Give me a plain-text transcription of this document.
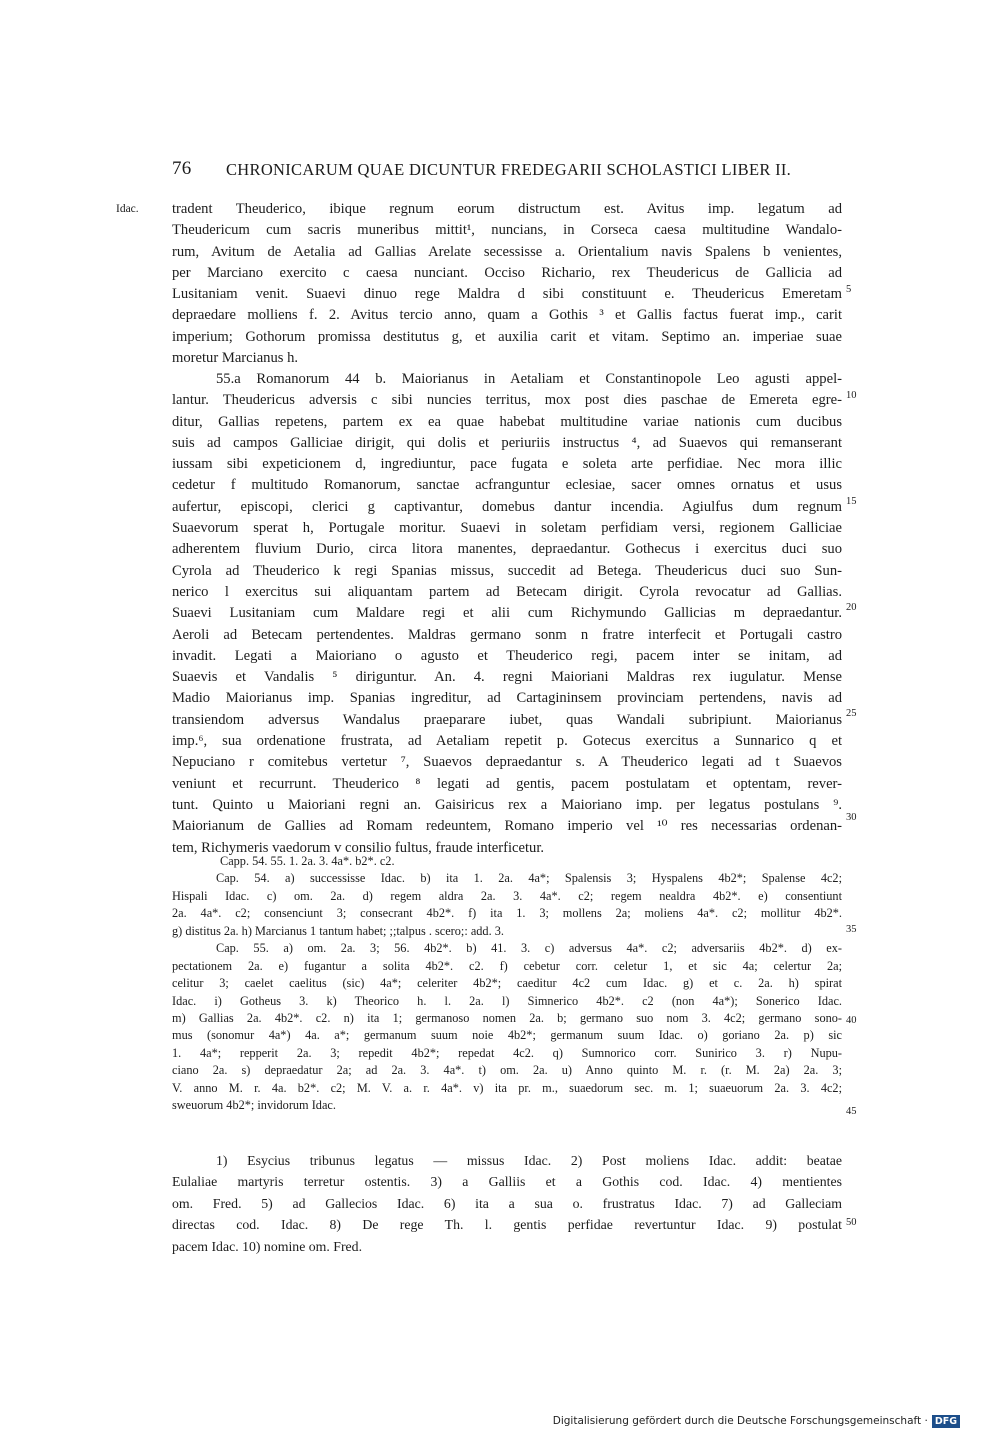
76 CHRONICARUM QUAE DICUNTUR FREDEGARII SCHOLASTICI LIBER II.
Idac. tradent Theuderico, ibique regnum eorum distructum est. Avitus imp. legatum ad
Theudericum cum sacris muneribus mittit¹, nuncians, in Corseca caesa multitudine Wandalo-
rum, Avitum de Aetalia ad Gallias Arelate secessisse a. Orientalium navis Spalens b venientes,
per Marciano exercito c caesa nunciant. Occiso Richario, rex Theudericus de Gallicia ad
Lusitaniam venit. Suaevi dinuo rege Maldra d sibi constituunt e. Theudericus Emeretam
depraedare molliens f. 2. Avitus tercio anno, quam a Gothis ³ et Gallis factus fuerat imp., carit
imperium; Gothorum promissa destitutus g, et auxilia carit et vitam. Septimo an. imperiae suae
moretur Marcianus h.
55.a Romanorum 44 b. Maiorianus in Aetaliam et Constantinopole Leo agusti appel-
lantur. Theudericus adversis c sibi nuncies territus, mox post dies paschae de Emereta egre-
ditur, Gallias repetens, partem ex ea quae habebat multitudine variae nationis cum ducibus
suis ad campos Galliciae dirigit, qui dolis et periuriis instructus ⁴, ad Suaevos qui remanserant
iussam sibi expeticionem d, ingrediuntur, pace fugata e soleta arte perfidiae. Nec mora illic
cedetur f multitudo Romanorum, sanctae acfranguntur eclesiae, sacer omnes ornatus et usus
aufertur, episcopi, clerici g captivantur, domebus dantur incendia. Agiulfus dum regnum
Suaevorum sperat h, Portugale moritur. Suaevi in soletam perfidiam versi, regionem Galliciae
adherentem fluvium Durio, circa litora manentes, depraedantur. Gothecus i exercitus duci suo
Cyrola ad Theuderico k regi Spanias missus, succedit ad Betega. Theudericus duci suo Sun-
nerico l exercitus sui aliquantam partem ad Betecam dirigit. Cyrola revocatur ad Gallias.
Suaevi Lusitaniam cum Maldare regi et alii cum Richymundo Gallicias m depraedantur.
Aeroli ad Betecam pertendentes. Maldras germano sonm n fratre interfecit et Portugali castro
invadit. Legati a Maioriano o agusto et Theuderico regi, pacem inter se initam, ad
Suaevis et Vandalis ⁵ diriguntur. An. 4. regni Maioriani Maldras rex iugulatur. Mense
Madio Maiorianus imp. Spanias ingreditur, ad Cartagininsem provinciam pertendens, navis ad
transiendom adversus Wandalus praeparare iubet, quas Wandali subripiunt. Maiorianus
imp.⁶, sua ordenatione frustrata, ad Aetaliam repetit p. Gotecus exercitus a Sunnarico q et
Nepuciano r comitebus vertetur ⁷, Suaevos depraedantur s. A Theuderico legati ad t Suaevos
veniunt et recurrunt. Theuderico ⁸ legati ad gentis, pacem postulatam et optentam, rever-
tunt. Quinto u Maioriani regni an. Gaisiricus rex a Maioriano imp. per legatus postulans ⁹.
Maiorianum de Gallies ad Romam redeuntem, Romano imperio vel ¹⁰ res necessarias ordenan-
tem, Richymeris vaedorum v consilio fultus, fraude interficetur.
Capp. 54. 55. 1. 2a. 3. 4a*. b2*. c2.
Cap. 54. a) successisse Idac. b) ita 1. 2a. 4a*; Spalensis 3; Hyspalens 4b2*; Spalense 4c2;
Hispali Idac. c) om. 2a. d) regem aldra 2a. 3. 4a*. c2; regem nealdra 4b2*. e) consentiunt
2a. 4a*. c2; consenciunt 3; consecrant 4b2*. f) ita 1. 3; mollens 2a; moliens 4a*. c2; mollitur 4b2*.
g) distitus 2a. h) Marcianus 1 tantum habet; ;;talpus . scero;: add. 3.
Cap. 55. a) om. 2a. 3; 56. 4b2*. b) 41. 3. c) adversus 4a*. c2; adversariis 4b2*. d) ex-
pectationem 2a. e) fugantur a solita 4b2*. c2. f) cebetur corr. celetur 1, et sic 4a; celertur 2a;
celitur 3; caelet caelitus (sic) 4a*; celeriter 4b2*; caeditur 4c2 cum Idac. g) et c. 2a. h) spirat
Idac. i) Gotheus 3. k) Theorico h. l. 2a. l) Simnerico 4b2*. c2 (non 4a*); Sonerico Idac.
m) Gallias 2a. 4b2*. c2. n) ita 1; germanoso nomen 2a. b; germano suo nom 3. 4c2; germano sono-
mus (sonomur 4a*) 4a. a*; germanum suum noie 4b2*; germanum suum Idac. o) goriano 2a. p) sic
1. 4a*; repperit 2a. 3; repedit 4b2*; repedat 4c2. q) Sumnorico corr. Sunirico 3. r) Nupu-
ciano 2a. s) depraedatur 2a; ad 2a. 3. 4a*. t) om. 2a. u) Anno quinto M. r. (r. M. 2a) 2a. 3;
V. anno M. r. 4a. b2*. c2; M. V. a. r. 4a*. v) ita pr. m., suaedorum sec. m. 1; suaeuorum 2a. 3. 4c2;
sweuorum 4b2*; invidorum Idac.
1) Esycius tribunus legatus — missus Idac. 2) Post moliens Idac. addit: beatae
Eulaliae martyris terretur ostentis. 3) a Galliis et a Gothis cod. Idac. 4) mentientes
om. Fred. 5) ad Gallecios Idac. 6) ita a sua o. frustratus Idac. 7) ad Galleciam
directas cod. Idac. 8) De rege Th. l. gentis perfidae revertuntur Idac. 9) postulat
pacem Idac. 10) nomine om. Fred.
5
10
15
20
25
30
35
40
45
50
Digitalisierung gefördert durch die Deutsche Forschungsgemeinschaft · DFG
